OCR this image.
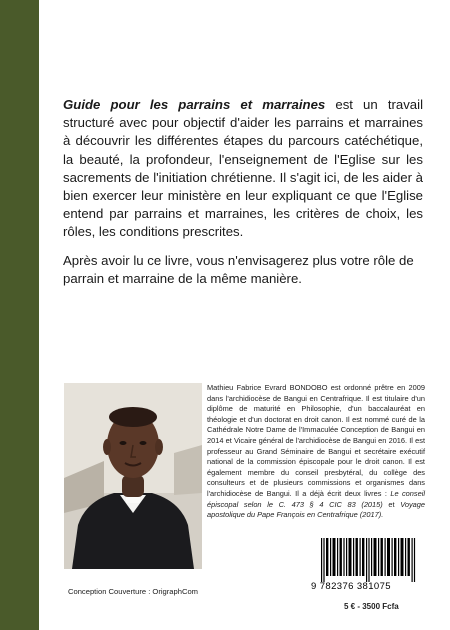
Guide pour les parrains et marraines est un travail structuré avec pour objectif d'aider les parrains et marraines à découvrir les différentes étapes du parcours catéchétique, la beauté, la profondeur, l'enseignement de l'Eglise sur les sacrements de l'initiation chrétienne. Il s'agit ici, de les aider à bien exercer leur ministère en leur expliquant ce que l'Eglise entend par parrains et marraines, les critères de choix, les rôles, les conditions prescrites.

Après avoir lu ce livre, vous n'envisagerez plus votre rôle de parrain et marraine de la même manière.

Mathieu Fabrice Evrard BONDOBO est ordonné prêtre en 2009 dans l'archidiocèse de Bangui en Centrafrique. Il est titulaire d'un diplôme de maturité en Philosophie, d'un baccalauréat en théologie et d'un doctorat en droit canon. Il est nommé curé de la Cathédrale Notre Dame de l'Immaculée Conception de Bangui en 2014 et Vicaire général de l'archidiocèse de Bangui en 2016. Il est professeur au Grand Séminaire de Bangui et secrétaire exécutif national de la commission épiscopale pour le droit canon. Il est également membre du conseil presbytéral, du collège des consulteurs et de plusieurs commissions et organismes dans l'archidiocèse de Bangui. Il a déjà écrit deux livres : Le conseil épiscopal selon le C. 473 § 4 CIC 83 (2015) et Voyage apostolique du Pape François en Centrafrique (2017).
9 782376 381075
Conception Couverture : OrigraphCom
5 € - 3500 Fcfa
